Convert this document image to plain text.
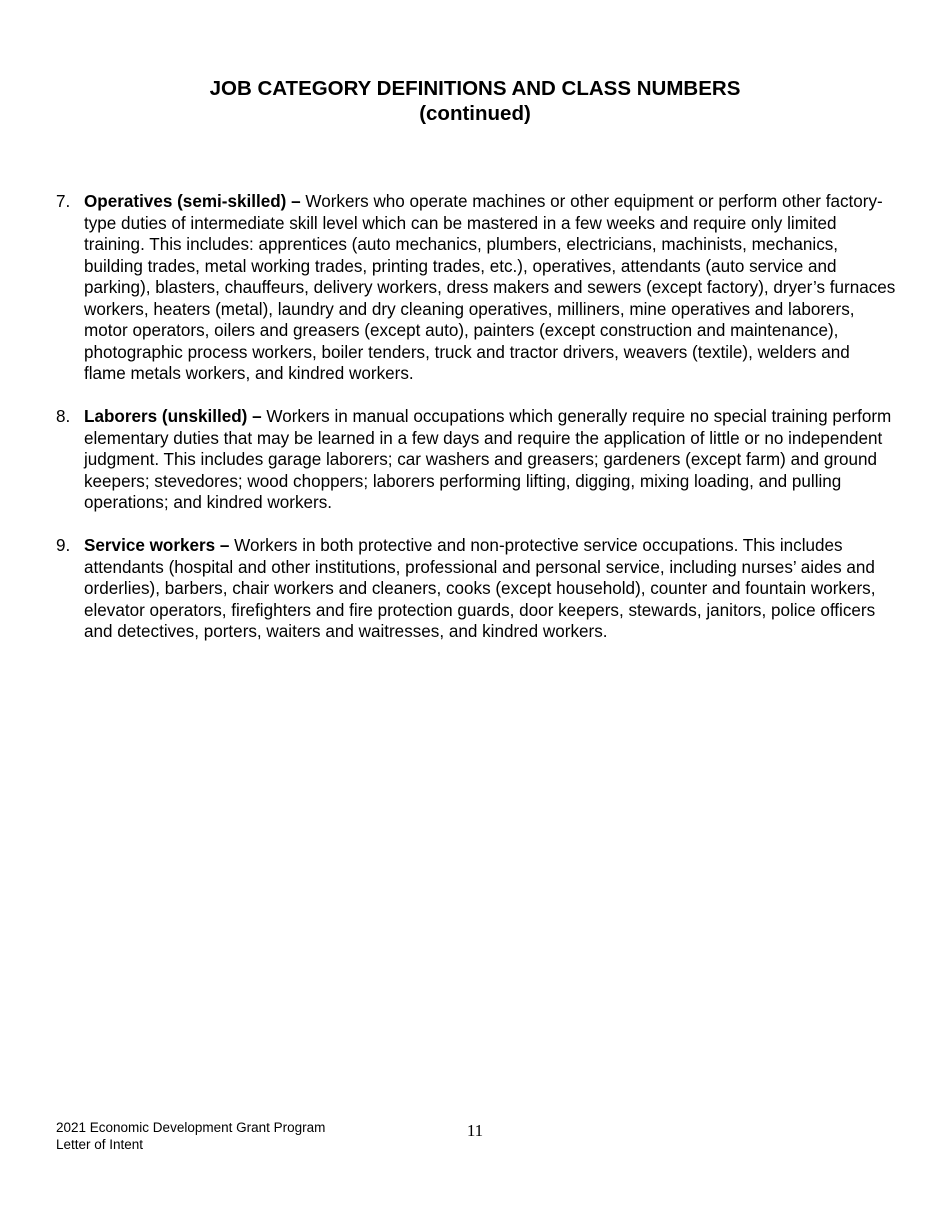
JOB CATEGORY DEFINITIONS AND CLASS NUMBERS
(continued)
7. Operatives (semi-skilled) – Workers who operate machines or other equipment or perform other factory-type duties of intermediate skill level which can be mastered in a few weeks and require only limited training. This includes: apprentices (auto mechanics, plumbers, electricians, machinists, mechanics, building trades, metal working trades, printing trades, etc.), operatives, attendants (auto service and parking), blasters, chauffeurs, delivery workers, dress makers and sewers (except factory), dryer’s furnaces workers, heaters (metal), laundry and dry cleaning operatives, milliners, mine operatives and laborers, motor operators, oilers and greasers (except auto), painters (except construction and maintenance), photographic process workers, boiler tenders, truck and tractor drivers, weavers (textile), welders and flame metals workers, and kindred workers.
8. Laborers (unskilled) – Workers in manual occupations which generally require no special training perform elementary duties that may be learned in a few days and require the application of little or no independent judgment. This includes garage laborers; car washers and greasers; gardeners (except farm) and ground keepers; stevedores; wood choppers; laborers performing lifting, digging, mixing loading, and pulling operations; and kindred workers.
9. Service workers – Workers in both protective and non-protective service occupations. This includes attendants (hospital and other institutions, professional and personal service, including nurses’ aides and orderlies), barbers, chair workers and cleaners, cooks (except household), counter and fountain workers, elevator operators, firefighters and fire protection guards, door keepers, stewards, janitors, police officers and detectives, porters, waiters and waitresses, and kindred workers.
2021 Economic Development Grant Program
Letter of Intent
11
